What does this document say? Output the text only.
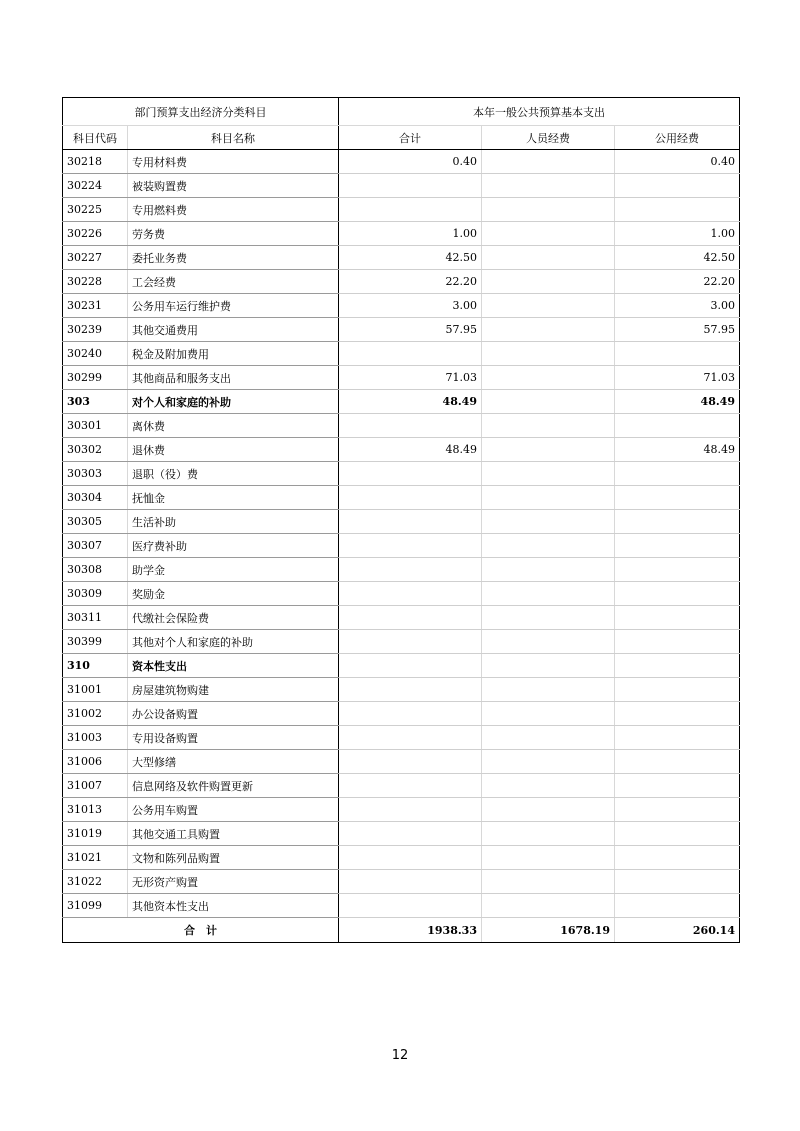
部门预算支出经济分类科目		本年一般公共预算基本支出		
科目代码	科目名称	合计	人员经费	公用经费
30218	专用材料费	0.40		0.40
30224	被装购置费			
30225	专用燃料费			
30226	劳务费	1.00		1.00
30227	委托业务费	42.50		42.50
30228	工会经费	22.20		22.20
30231	公务用车运行维护费	3.00		3.00
30239	其他交通费用	57.95		57.95
30240	税金及附加费用			
30299	其他商品和服务支出	71.03		71.03
303	对个人和家庭的补助	48.49		48.49
30301	离休费			
30302	退休费	48.49		48.49
30303	退职（役）费			
30304	抚恤金			
30305	生活补助			
30307	医疗费补助			
30308	助学金			
30309	奖励金			
30311	代缴社会保险费			
30399	其他对个人和家庭的补助			
310	资本性支出			
31001	房屋建筑物购建			
31002	办公设备购置			
31003	专用设备购置			
31006	大型修缮			
31007	信息网络及软件购置更新			
31013	公务用车购置			
31019	其他交通工具购置			
31021	文物和陈列品购置			
31022	无形资产购置			
31099	其他资本性支出			
合　计		1938.33	1678.19	260.14
12
